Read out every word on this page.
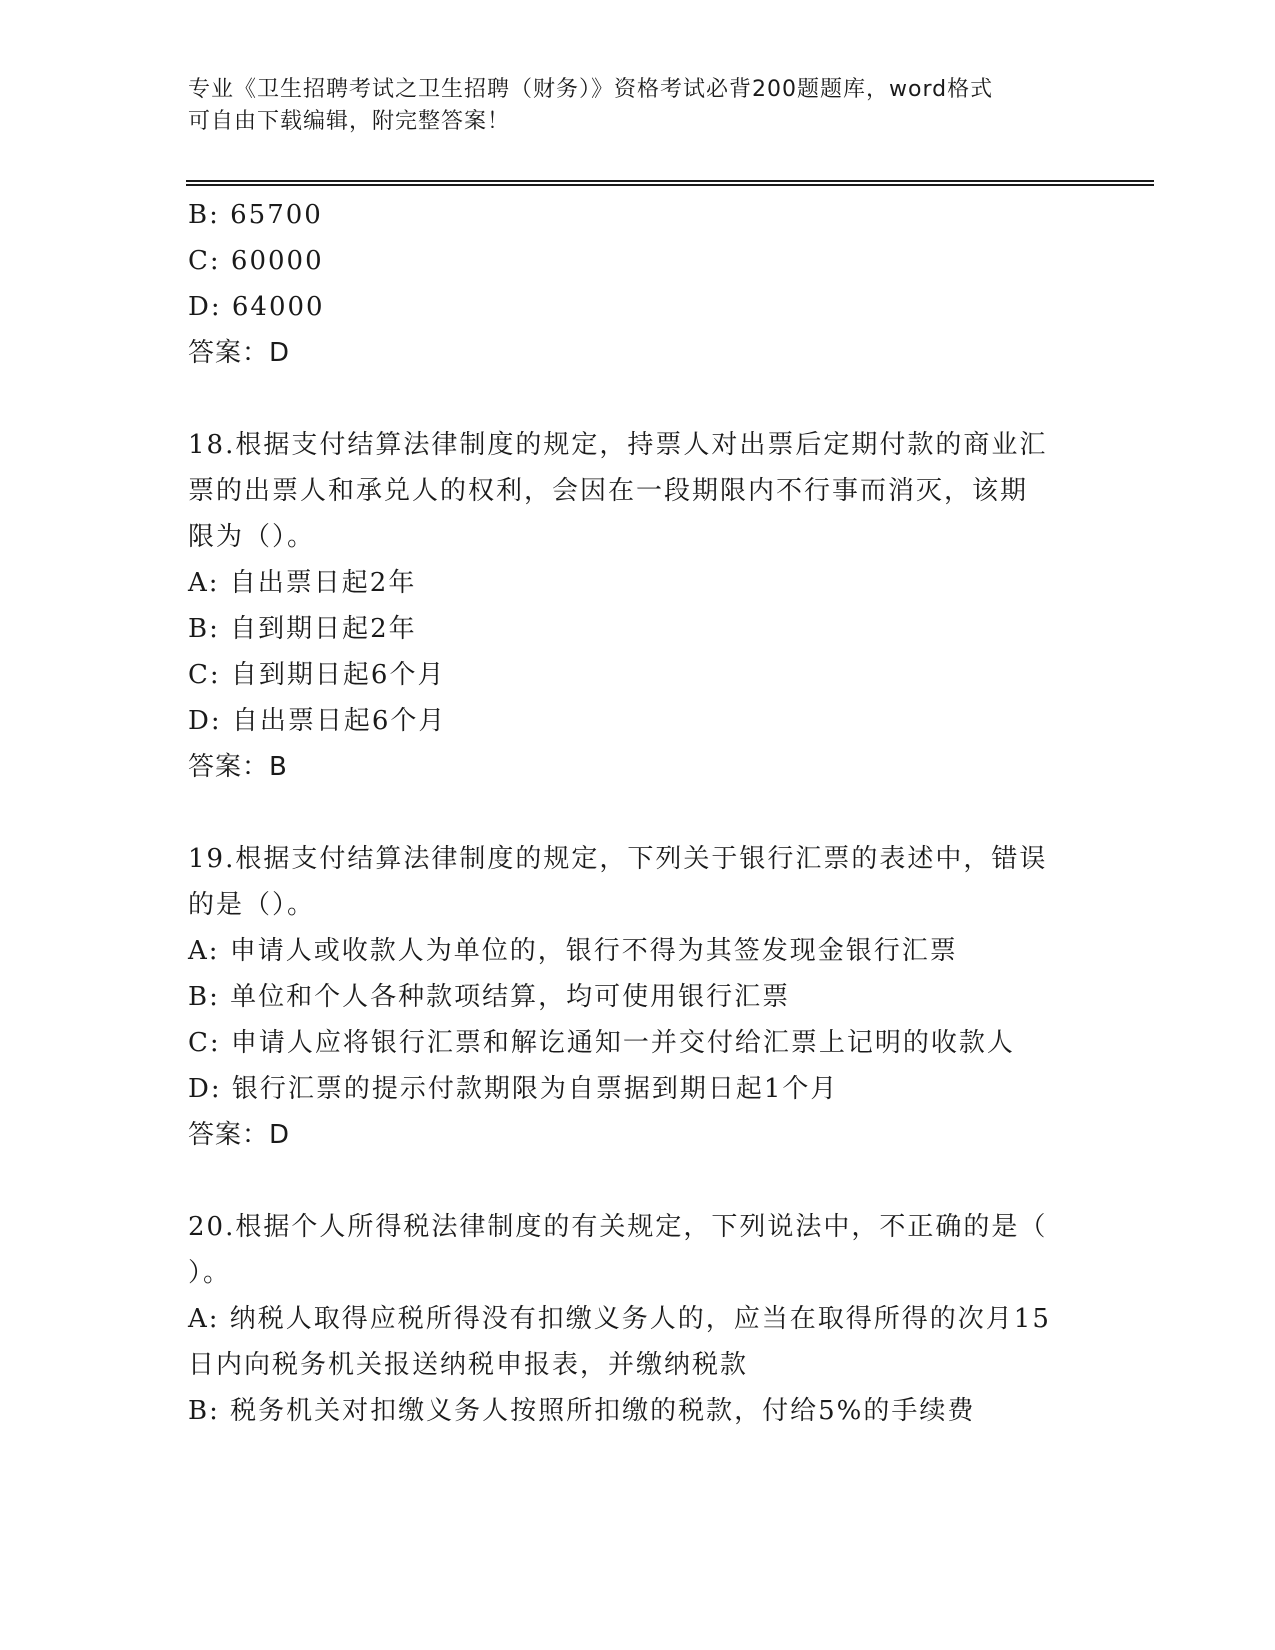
专业《卫生招聘考试之卫生招聘（财务）》资格考试必背200题题库，word格式
可自由下载编辑，附完整答案！
B: 65700
C: 60000
D: 64000
答案：D
18.根据支付结算法律制度的规定，持票人对出票后定期付款的商业汇
票的出票人和承兑人的权利，会因在一段期限内不行事而消灭，该期
限为（）。
A: 自出票日起2年
B: 自到期日起2年
C: 自到期日起6个月
D: 自出票日起6个月
答案：B
19.根据支付结算法律制度的规定，下列关于银行汇票的表述中，错误
的是（）。
A: 申请人或收款人为单位的，银行不得为其签发现金银行汇票
B: 单位和个人各种款项结算，均可使用银行汇票
C: 申请人应将银行汇票和解讫通知一并交付给汇票上记明的收款人
D: 银行汇票的提示付款期限为自票据到期日起1个月
答案：D
20.根据个人所得税法律制度的有关规定，下列说法中，不正确的是（
）。
A: 纳税人取得应税所得没有扣缴义务人的，应当在取得所得的次月15
日内向税务机关报送纳税申报表，并缴纳税款
B: 税务机关对扣缴义务人按照所扣缴的税款，付给5%的手续费
